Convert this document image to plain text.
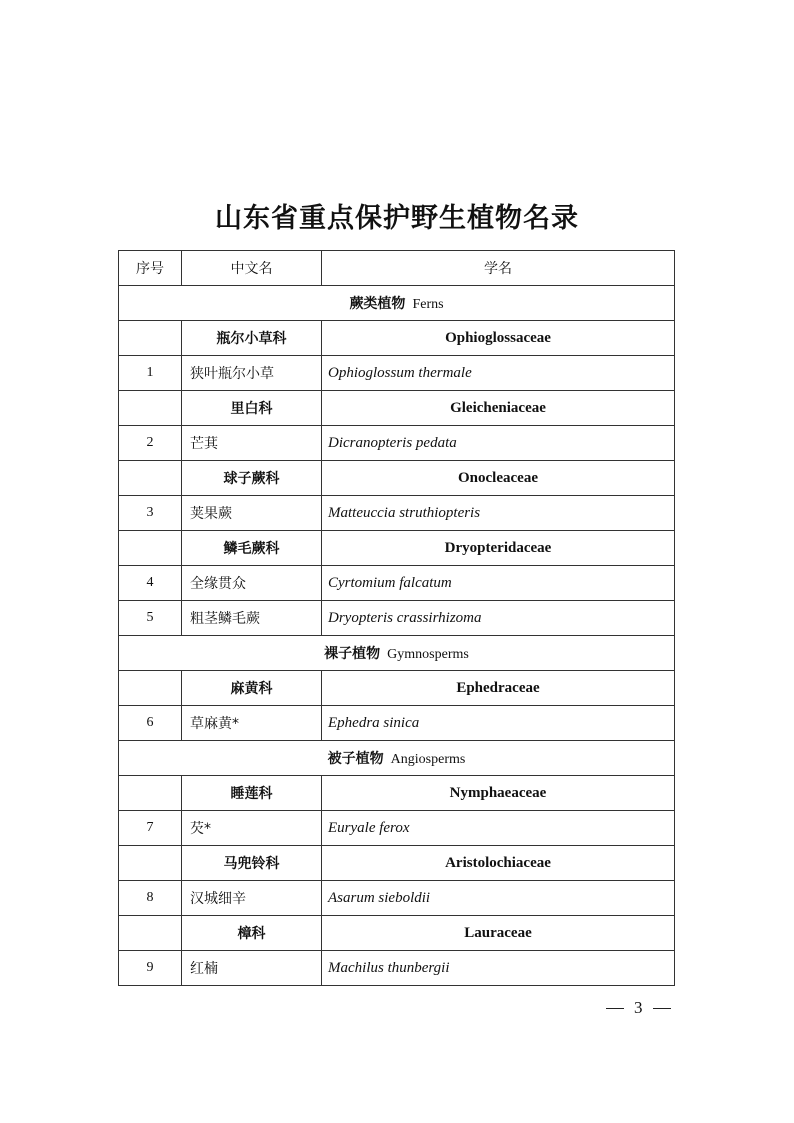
山东省重点保护野生植物名录
序号	中文名	学名
蕨类植物 Ferns		
	瓶尔小草科	Ophioglossaceae
1	狭叶瓶尔小草	Ophioglossum thermale
	里白科	Gleicheniaceae
2	芒萁	Dicranopteris pedata
	球子蕨科	Onocleaceae
3	荚果蕨	Matteuccia struthiopteris
	鳞毛蕨科	Dryopteridaceae
4	全缘贯众	Cyrtomium falcatum
5	粗茎鳞毛蕨	Dryopteris crassirhizoma
裸子植物 Gymnosperms		
	麻黄科	Ephedraceae
6	草麻黄*	Ephedra sinica
被子植物 Angiosperms		
	睡莲科	Nymphaeaceae
7	芡*	Euryale ferox
	马兜铃科	Aristolochiaceae
8	汉城细辛	Asarum sieboldii
	樟科	Lauraceae
9	红楠	Machilus thunbergii
3
